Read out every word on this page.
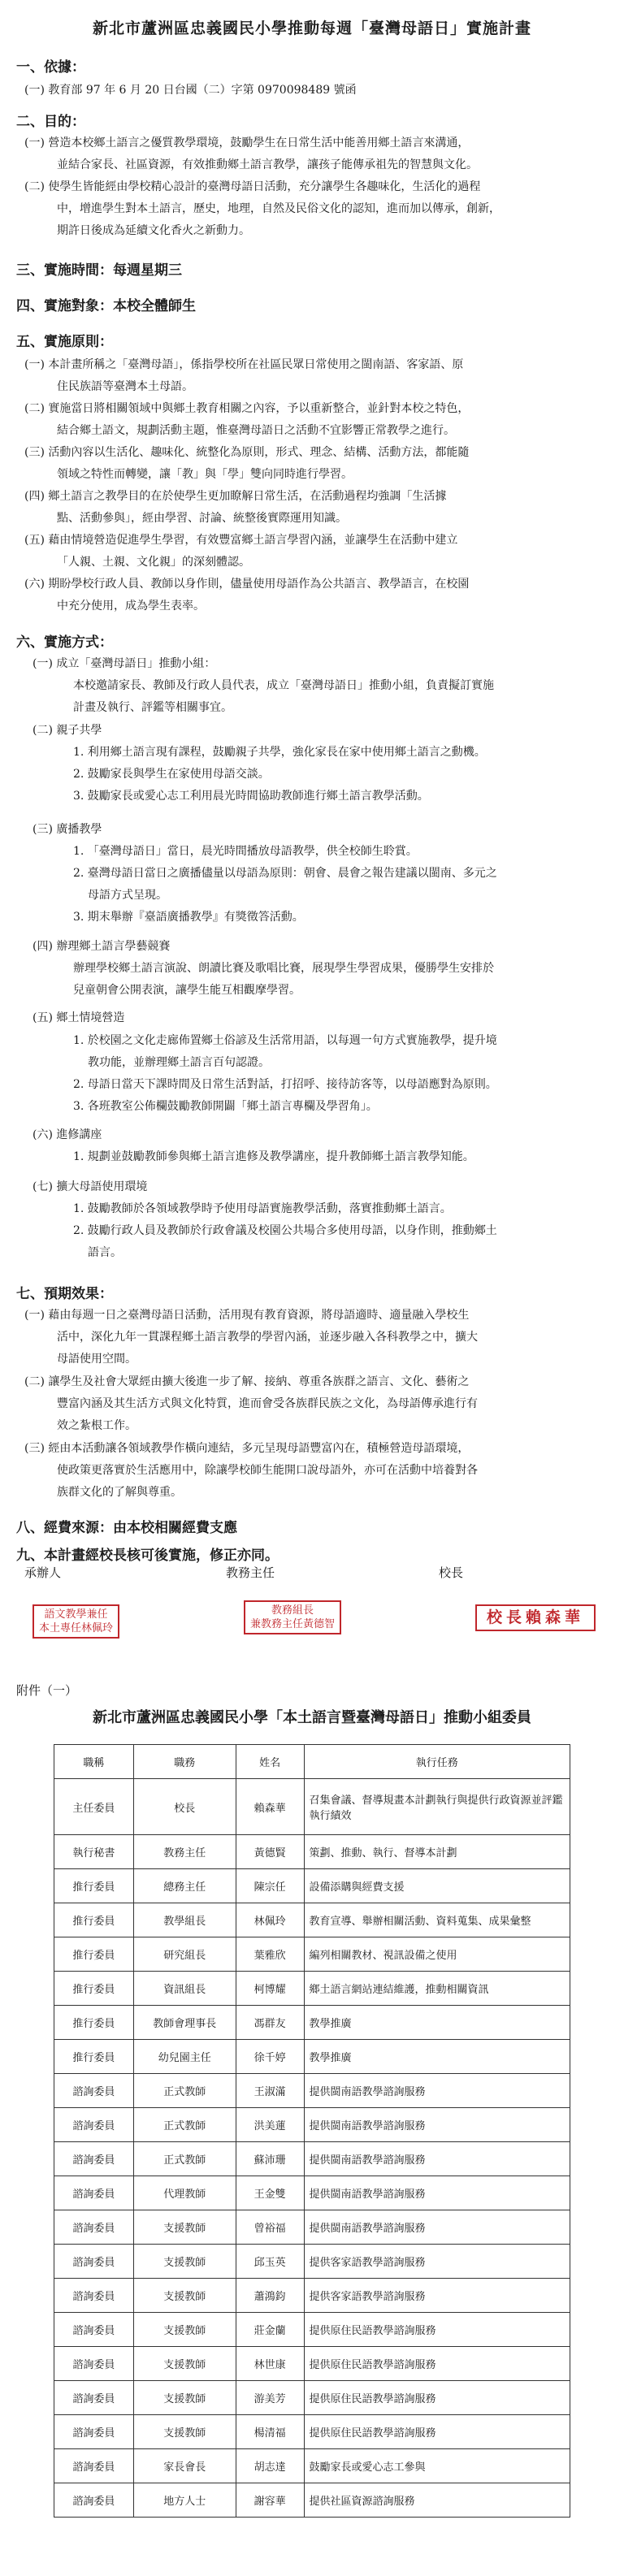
新北市蘆洲區忠義國民小學推動每週「臺灣母語日」實施計畫
一、依據：
(一) 教育部 97 年 6 月 20 日台國（二）字第 0970098489 號函
二、目的：
(一) 營造本校鄉土語言之優質教學環境，鼓勵學生在日常生活中能善用鄉土語言來溝通，
並結合家長、社區資源，有效推動鄉土語言教學，讓孩子能傳承祖先的智慧與文化。
(二) 使學生皆能經由學校精心設計的臺灣母語日活動，充分讓學生各趣味化，生活化的過程
中，增進學生對本土語言，歷史，地理，自然及民俗文化的認知，進而加以傳承，創新，
期許日後成為延續文化香火之新動力。
三、實施時間：每週星期三
四、實施對象：本校全體師生
五、實施原則：
(一) 本計畫所稱之「臺灣母語」，係指學校所在社區民眾日常使用之閩南語、客家語、原
住民族語等臺灣本土母語。
(二) 實施當日將相關領域中與鄉土教育相關之內容，予以重新整合，並針對本校之特色，
結合鄉土語文，規劃活動主題，惟臺灣母語日之活動不宜影響正常教學之進行。
(三) 活動內容以生活化、趣味化、統整化為原則，形式、理念、結構、活動方法，都能隨
領域之特性而轉變，讓「教」與「學」雙向同時進行學習。
(四) 鄉土語言之教學目的在於使學生更加瞭解日常生活，在活動過程均強調「生活據
點、活動參與」，經由學習、討論、統整後實際運用知識。
(五) 藉由情境營造促進學生學習，有效豐富鄉土語言學習內涵，並讓學生在活動中建立
「人親、土親、文化親」的深刻體認。
(六) 期盼學校行政人員、教師以身作則，儘量使用母語作為公共語言、教學語言，在校園
中充分使用，成為學生表率。
六、實施方式：
(一) 成立「臺灣母語日」推動小組：
本校邀請家長、教師及行政人員代表，成立「臺灣母語日」推動小組，負責擬訂實施
計畫及執行、評鑑等相關事宜。
(二) 親子共學
1. 利用鄉土語言現有課程，鼓勵親子共學，強化家長在家中使用鄉土語言之動機。
2. 鼓勵家長與學生在家使用母語交談。
3. 鼓勵家長或愛心志工利用晨光時間協助教師進行鄉土語言教學活動。
(三) 廣播教學
1. 「臺灣母語日」當日，晨光時間播放母語教學，供全校師生聆賞。
2. 臺灣母語日當日之廣播儘量以母語為原則：朝會、晨會之報告建議以閩南、多元之
母語方式呈現。
3. 期末舉辦『臺語廣播教學』有獎徵答活動。
(四) 辦理鄉土語言學藝競賽
辦理學校鄉土語言演說、朗讀比賽及歌唱比賽，展現學生學習成果，優勝學生安排於
兒童朝會公開表演，讓學生能互相觀摩學習。
(五) 鄉土情境營造
1. 於校園之文化走廊佈置鄉土俗諺及生活常用語，以每週一句方式實施教學，提升境
教功能，並辦理鄉土語言百句認證。
2. 母語日當天下課時間及日常生活對話，打招呼、接待訪客等，以母語應對為原則。
3. 各班教室公佈欄鼓勵教師開闢「鄉土語言專欄及學習角」。
(六) 進修講座
1. 規劃並鼓勵教師參與鄉土語言進修及教學講座，提升教師鄉土語言教學知能。
(七) 擴大母語使用環境
1. 鼓勵教師於各領域教學時予使用母語實施教學活動，落實推動鄉土語言。
2. 鼓勵行政人員及教師於行政會議及校園公共場合多使用母語，以身作則，推動鄉土
語言。
七、預期效果：
(一) 藉由每週一日之臺灣母語日活動，活用現有教育資源，將母語適時、適量融入學校生
活中，深化九年一貫課程鄉土語言教學的學習內涵，並逐步融入各科教學之中，擴大
母語使用空間。
(二) 讓學生及社會大眾經由擴大後進一步了解、接納、尊重各族群之語言、文化、藝術之
豐富內涵及其生活方式與文化特質，進而會受各族群民族之文化，為母語傳承進行有
效之紮根工作。
(三) 經由本活動讓各領域教學作橫向連結，多元呈現母語豐富內在，積極營造母語環境，
使政策更落實於生活應用中，除讓學校師生能開口說母語外，亦可在活動中培養對各
族群文化的了解與尊重。
八、經費來源：由本校相關經費支應
九、本計畫經校長核可後實施，修正亦同。
承辦人	教務主任	校長
語文教學兼任
本土專任林佩玲
教務組長
兼教務主任黃德智	校長賴森華
附件（一）
新北市蘆洲區忠義國民小學「本土語言暨臺灣母語日」推動小組委員
職稱	職務	姓名	執行任務
主任委員	校長	賴森華	召集會議、督導規畫本計劃執行與提供行政資源並評鑑執行績效
執行秘書	教務主任	黃德賢	策劃、推動、執行、督導本計劃
推行委員	總務主任	陳宗任	設備添購與經費支援
推行委員	教學組長	林佩玲	教育宣導、舉辦相關活動、資料蒐集、成果彙整
推行委員	研究組長	葉雅欣	編列相關教材、視訊設備之使用
推行委員	資訊組長	柯博耀	鄉土語言網站連結維護，推動相關資訊
推行委員	教師會理事長	馮群友	教學推廣
推行委員	幼兒園主任	徐千婷	教學推廣
諮詢委員	正式教師	王淑滿	提供閩南語教學諮詢服務
諮詢委員	正式教師	洪美蓮	提供閩南語教學諮詢服務
諮詢委員	正式教師	蘇沛珊	提供閩南語教學諮詢服務
諮詢委員	代理教師	王金雙	提供閩南語教學諮詢服務
諮詢委員	支援教師	曾裕福	提供閩南語教學諮詢服務
諮詢委員	支援教師	邱玉英	提供客家語教學諮詢服務
諮詢委員	支援教師	蕭鴻鈞	提供客家語教學諮詢服務
諮詢委員	支援教師	莊金蘭	提供原住民語教學諮詢服務
諮詢委員	支援教師	林世康	提供原住民語教學諮詢服務
諮詢委員	支援教師	游美芳	提供原住民語教學諮詢服務
諮詢委員	支援教師	楊清福	提供原住民語教學諮詢服務
諮詢委員	家長會長	胡志達	鼓勵家長或愛心志工參與
諮詢委員	地方人士	謝容華	提供社區資源諮詢服務
